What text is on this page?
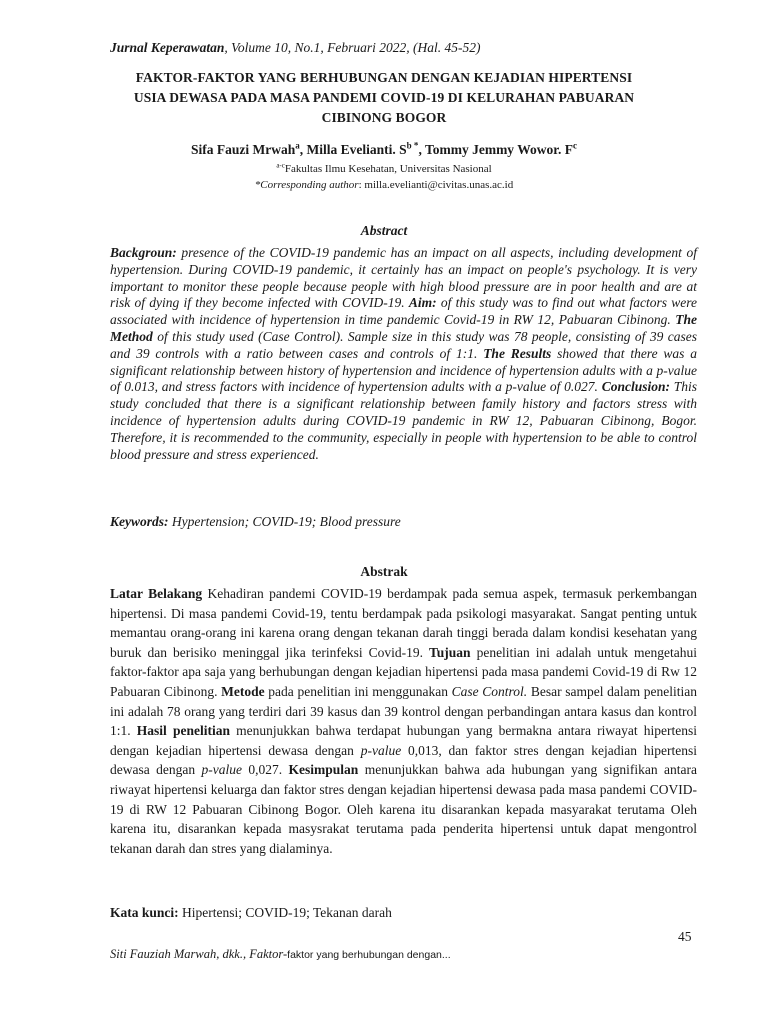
Jurnal Keperawatan, Volume 10, No.1, Februari 2022, (Hal. 45-52)
FAKTOR-FAKTOR YANG BERHUBUNGAN DENGAN KEJADIAN HIPERTENSI
USIA DEWASA PADA MASA PANDEMI COVID-19 DI KELURAHAN PABUARAN
CIBINONG BOGOR
Sifa Fauzi Mrwah$^a$, Milla Evelianti. $S^{b *}$, Tommy Jemmy Wowor. $F^c$
$^{a-c}$Fakultas Ilmu Kesehatan, Universitas Nasional
*Corresponding author: milla.evelianti@civitas.unas.ac.id
Abstract
Backgroun: presence of the COVID-19 pandemic has an impact on all aspects, including development of hypertension. During COVID-19 pandemic, it certainly has an impact on people's psychology. It is very important to monitor these people because people with high blood pressure are in poor health and are at risk of dying if they become infected with COVID-19. Aim: of this study was to find out what factors were associated with incidence of hypertension in time pandemic Covid-19 in RW 12, Pabuaran Cibinong. The Method of this study used (Case Control). Sample size in this study was 78 people, consisting of 39 cases and 39 controls with a ratio between cases and controls of 1:1. The Results showed that there was a significant relationship between history of hypertension and incidence of hypertension adults with a p-value of 0.013, and stress factors with incidence of hypertension adults with a p-value of 0.027. Conclusion: This study concluded that there is a significant relationship between family history and factors stress with incidence of hypertension adults during COVID-19 pandemic in RW 12, Pabuaran Cibinong, Bogor. Therefore, it is recommended to the community, especially in people with hypertension to be able to control blood pressure and stress experienced.
Keywords: Hypertension; COVID-19; Blood pressure
Abstrak
Latar Belakang Kehadiran pandemi COVID-19 berdampak pada semua aspek, termasuk perkembangan hipertensi. Di masa pandemi Covid-19, tentu berdampak pada psikologi masyarakat. Sangat penting untuk memantau orang-orang ini karena orang dengan tekanan darah tinggi berada dalam kondisi kesehatan yang buruk dan berisiko meninggal jika terinfeksi Covid-19. Tujuan penelitian ini adalah untuk mengetahui faktor-faktor apa saja yang berhubungan dengan kejadian hipertensi pada masa pandemi Covid-19 di Rw 12 Pabuaran Cibinong. Metode pada penelitian ini menggunakan Case Control. Besar sampel dalam penelitian ini adalah 78 orang yang terdiri dari 39 kasus dan 39 kontrol dengan perbandingan antara kasus dan kontrol 1:1. Hasil penelitian menunjukkan bahwa terdapat hubungan yang bermakna antara riwayat hipertensi dengan kejadian hipertensi dewasa dengan p-value 0,013, dan faktor stres dengan kejadian hipertensi dewasa dengan p-value 0,027. Kesimpulan menunjukkan bahwa ada hubungan yang signifikan antara riwayat hipertensi keluarga dan faktor stres dengan kejadian hipertensi dewasa pada masa pandemi COVID-19 di RW 12 Pabuaran Cibinong Bogor. Oleh karena itu disarankan kepada masyarakat terutama Oleh karena itu, disarankan kepada masysrakat terutama pada penderita hipertensi untuk dapat mengontrol tekanan darah dan stres yang dialaminya.
Kata kunci: Hipertensi; COVID-19; Tekanan darah
45
Siti Fauziah Marwah, dkk., Faktor-faktor yang berhubungan dengan...
